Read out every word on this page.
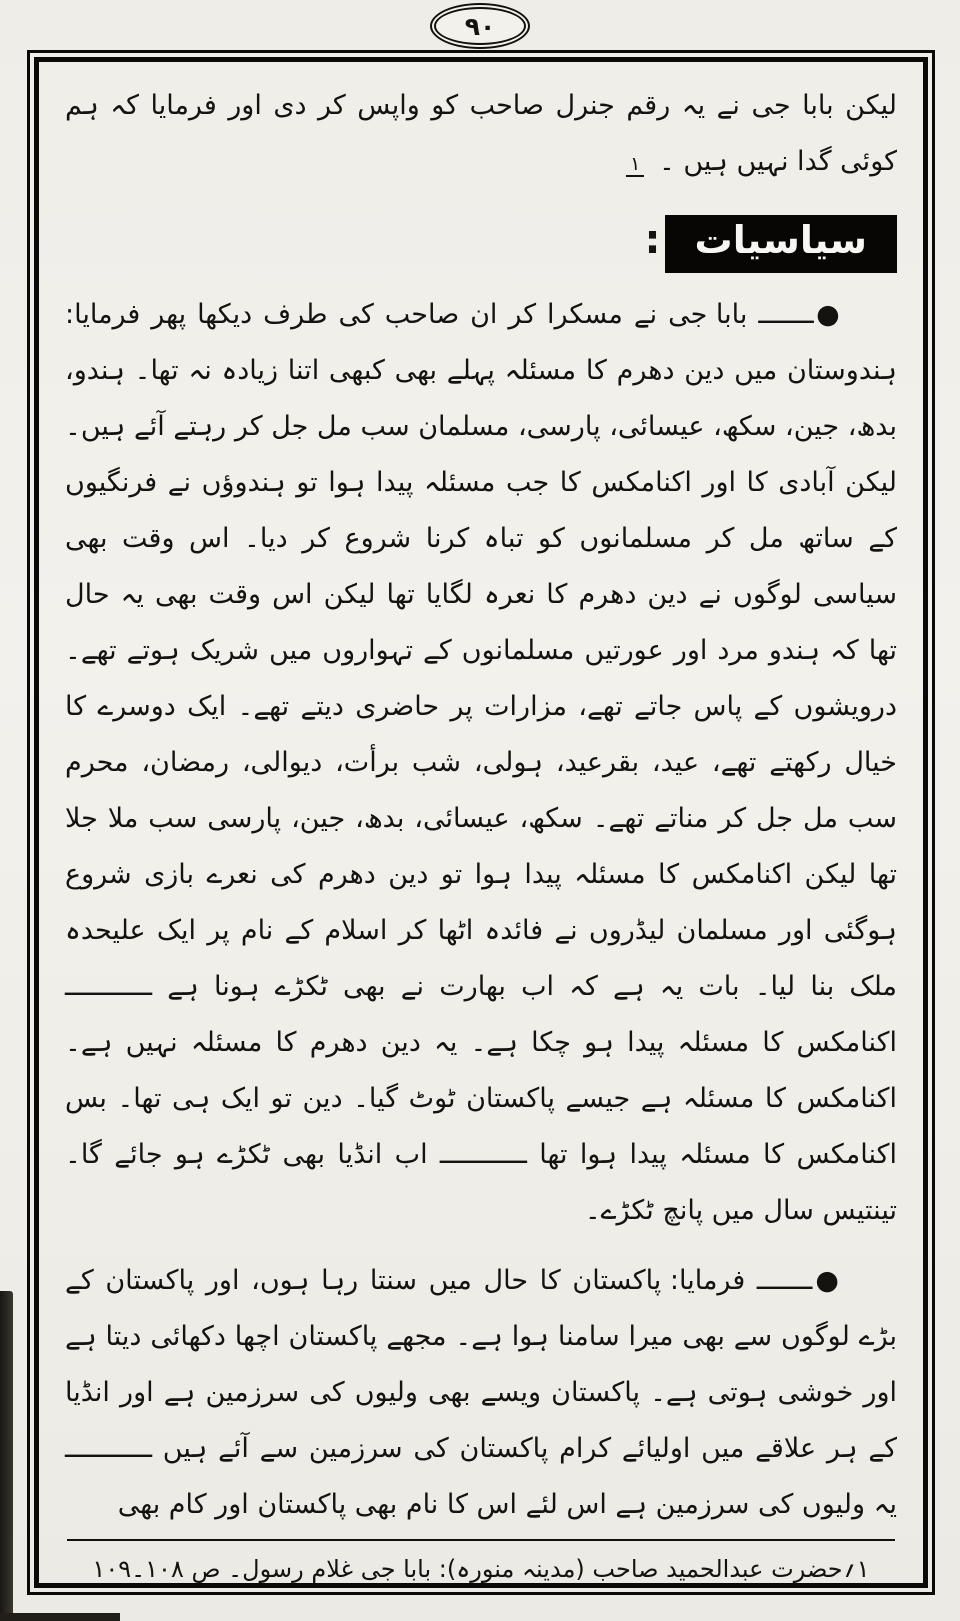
۹۰

لیکن بابا جی نے یہ رقم جنرل صاحب کو واپس کر دی اور فرمایا کہ ہم کوئی گدا نہیں ہیں ۔ ۱

سیاسیات:

●ـــــــ بابا جی نے مسکرا کر ان صاحب کی طرف دیکھا پھر فرمایا: ہندوستان میں دین دھرم کا مسئلہ پہلے بھی کبھی اتنا زیادہ نہ تھا۔ ہندو، بدھ، جین، سکھ، عیسائی، پارسی، مسلمان سب مل جل کر رہتے آئے ہیں۔ لیکن آبادی کا اور اکنامکس کا جب مسئلہ پیدا ہوا تو ہندوؤں نے فرنگیوں کے ساتھ مل کر مسلمانوں کو تباہ کرنا شروع کر دیا۔ اس وقت بھی سیاسی لوگوں نے دین دھرم کا نعرہ لگایا تھا لیکن اس وقت بھی یہ حال تھا کہ ہندو مرد اور عورتیں مسلمانوں کے تہواروں میں شریک ہوتے تھے۔ درویشوں کے پاس جاتے تھے، مزارات پر حاضری دیتے تھے۔ ایک دوسرے کا خیال رکھتے تھے، عید، بقرعید، ہولی، شب برأت، دیوالی، رمضان، محرم سب مل جل کر مناتے تھے۔ سکھ، عیسائی، بدھ، جین، پارسی سب ملا جلا تھا لیکن اکنامکس کا مسئلہ پیدا ہوا تو دین دھرم کی نعرے بازی شروع ہوگئی اور مسلمان لیڈروں نے فائدہ اٹھا کر اسلام کے نام پر ایک علیحدہ ملک بنا لیا۔ بات یہ ہے کہ اب بھارت نے بھی ٹکڑے ہونا ہے ـــــــــــ اکنامکس کا مسئلہ پیدا ہو چکا ہے۔ یہ دین دھرم کا مسئلہ نہیں ہے۔ اکنامکس کا مسئلہ ہے جیسے پاکستان ٹوٹ گیا۔ دین تو ایک ہی تھا۔ بس اکنامکس کا مسئلہ پیدا ہوا تھا ـــــــــــ اب انڈیا بھی ٹکڑے ہو جائے گا۔ تینتیس سال میں پانچ ٹکڑے۔

●ـــــــ فرمایا: پاکستان کا حال میں سنتا رہا ہوں، اور پاکستان کے بڑے لوگوں سے بھی میرا سامنا ہوا ہے۔ مجھے پاکستان اچھا دکھائی دیتا ہے اور خوشی ہوتی ہے۔ پاکستان ویسے بھی ولیوں کی سرزمین ہے اور انڈیا کے ہر علاقے میں اولیائے کرام پاکستان کی سرزمین سے آئے ہیں ـــــــــــ یہ ولیوں کی سرزمین ہے اس لئے اس کا نام بھی پاکستان اور کام بھی

۱؍حضرت عبدالحمید صاحب (مدینہ منورہ): بابا جی غلام رسول۔ ص ۱۰۸۔۱۰۹
